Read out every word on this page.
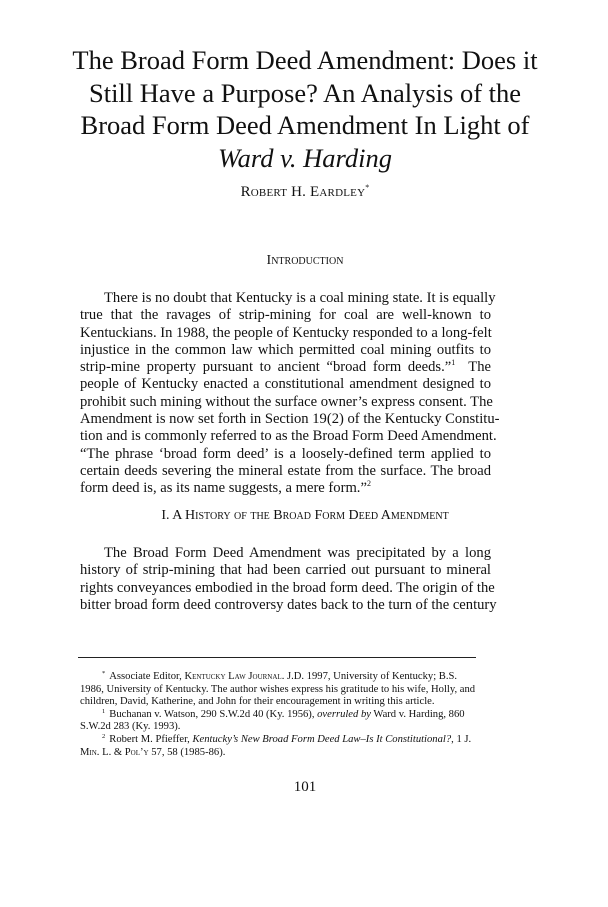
The Broad Form Deed Amendment: Does it
Still Have a Purpose? An Analysis of the
Broad Form Deed Amendment In Light of
Ward v. Harding
Robert H. Eardley*
Introduction

There is no doubt that Kentucky is a coal mining state. It is equally
true that the ravages of strip-mining for coal are well-known to
Kentuckians. In 1988, the people of Kentucky responded to a long-felt
injustice in the common law which permitted coal mining outfits to
strip-mine property pursuant to ancient “broad form deeds.”$^1$ The
people of Kentucky enacted a constitutional amendment designed to
prohibit such mining without the surface owner’s express consent. The
Amendment is now set forth in Section 19(2) of the Kentucky Constitu-
tion and is commonly referred to as the Broad Form Deed Amendment.
“The phrase ‘broad form deed’ is a loosely-defined term applied to
certain deeds severing the mineral estate from the surface. The broad
form deed is, as its name suggests, a mere form.”$^2$

I. A History of the Broad Form Deed Amendment

The Broad Form Deed Amendment was precipitated by a long
history of strip-mining that had been carried out pursuant to mineral
rights conveyances embodied in the broad form deed. The origin of the
bitter broad form deed controversy dates back to the turn of the century

* Associate Editor, Kentucky Law Journal. J.D. 1997, University of Kentucky; B.S.
1986, University of Kentucky. The author wishes express his gratitude to his wife, Holly, and
children, David, Katherine, and John for their encouragement in writing this article.
$^1$ Buchanan v. Watson, 290 S.W.2d 40 (Ky. 1956), overruled by Ward v. Harding, 860
S.W.2d 283 (Ky. 1993).
$^2$ Robert M. Pfieffer, Kentucky’s New Broad Form Deed Law–Is It Constitutional?, 1 J.
Min. L. & Pol’y 57, 58 (1985-86).
101
